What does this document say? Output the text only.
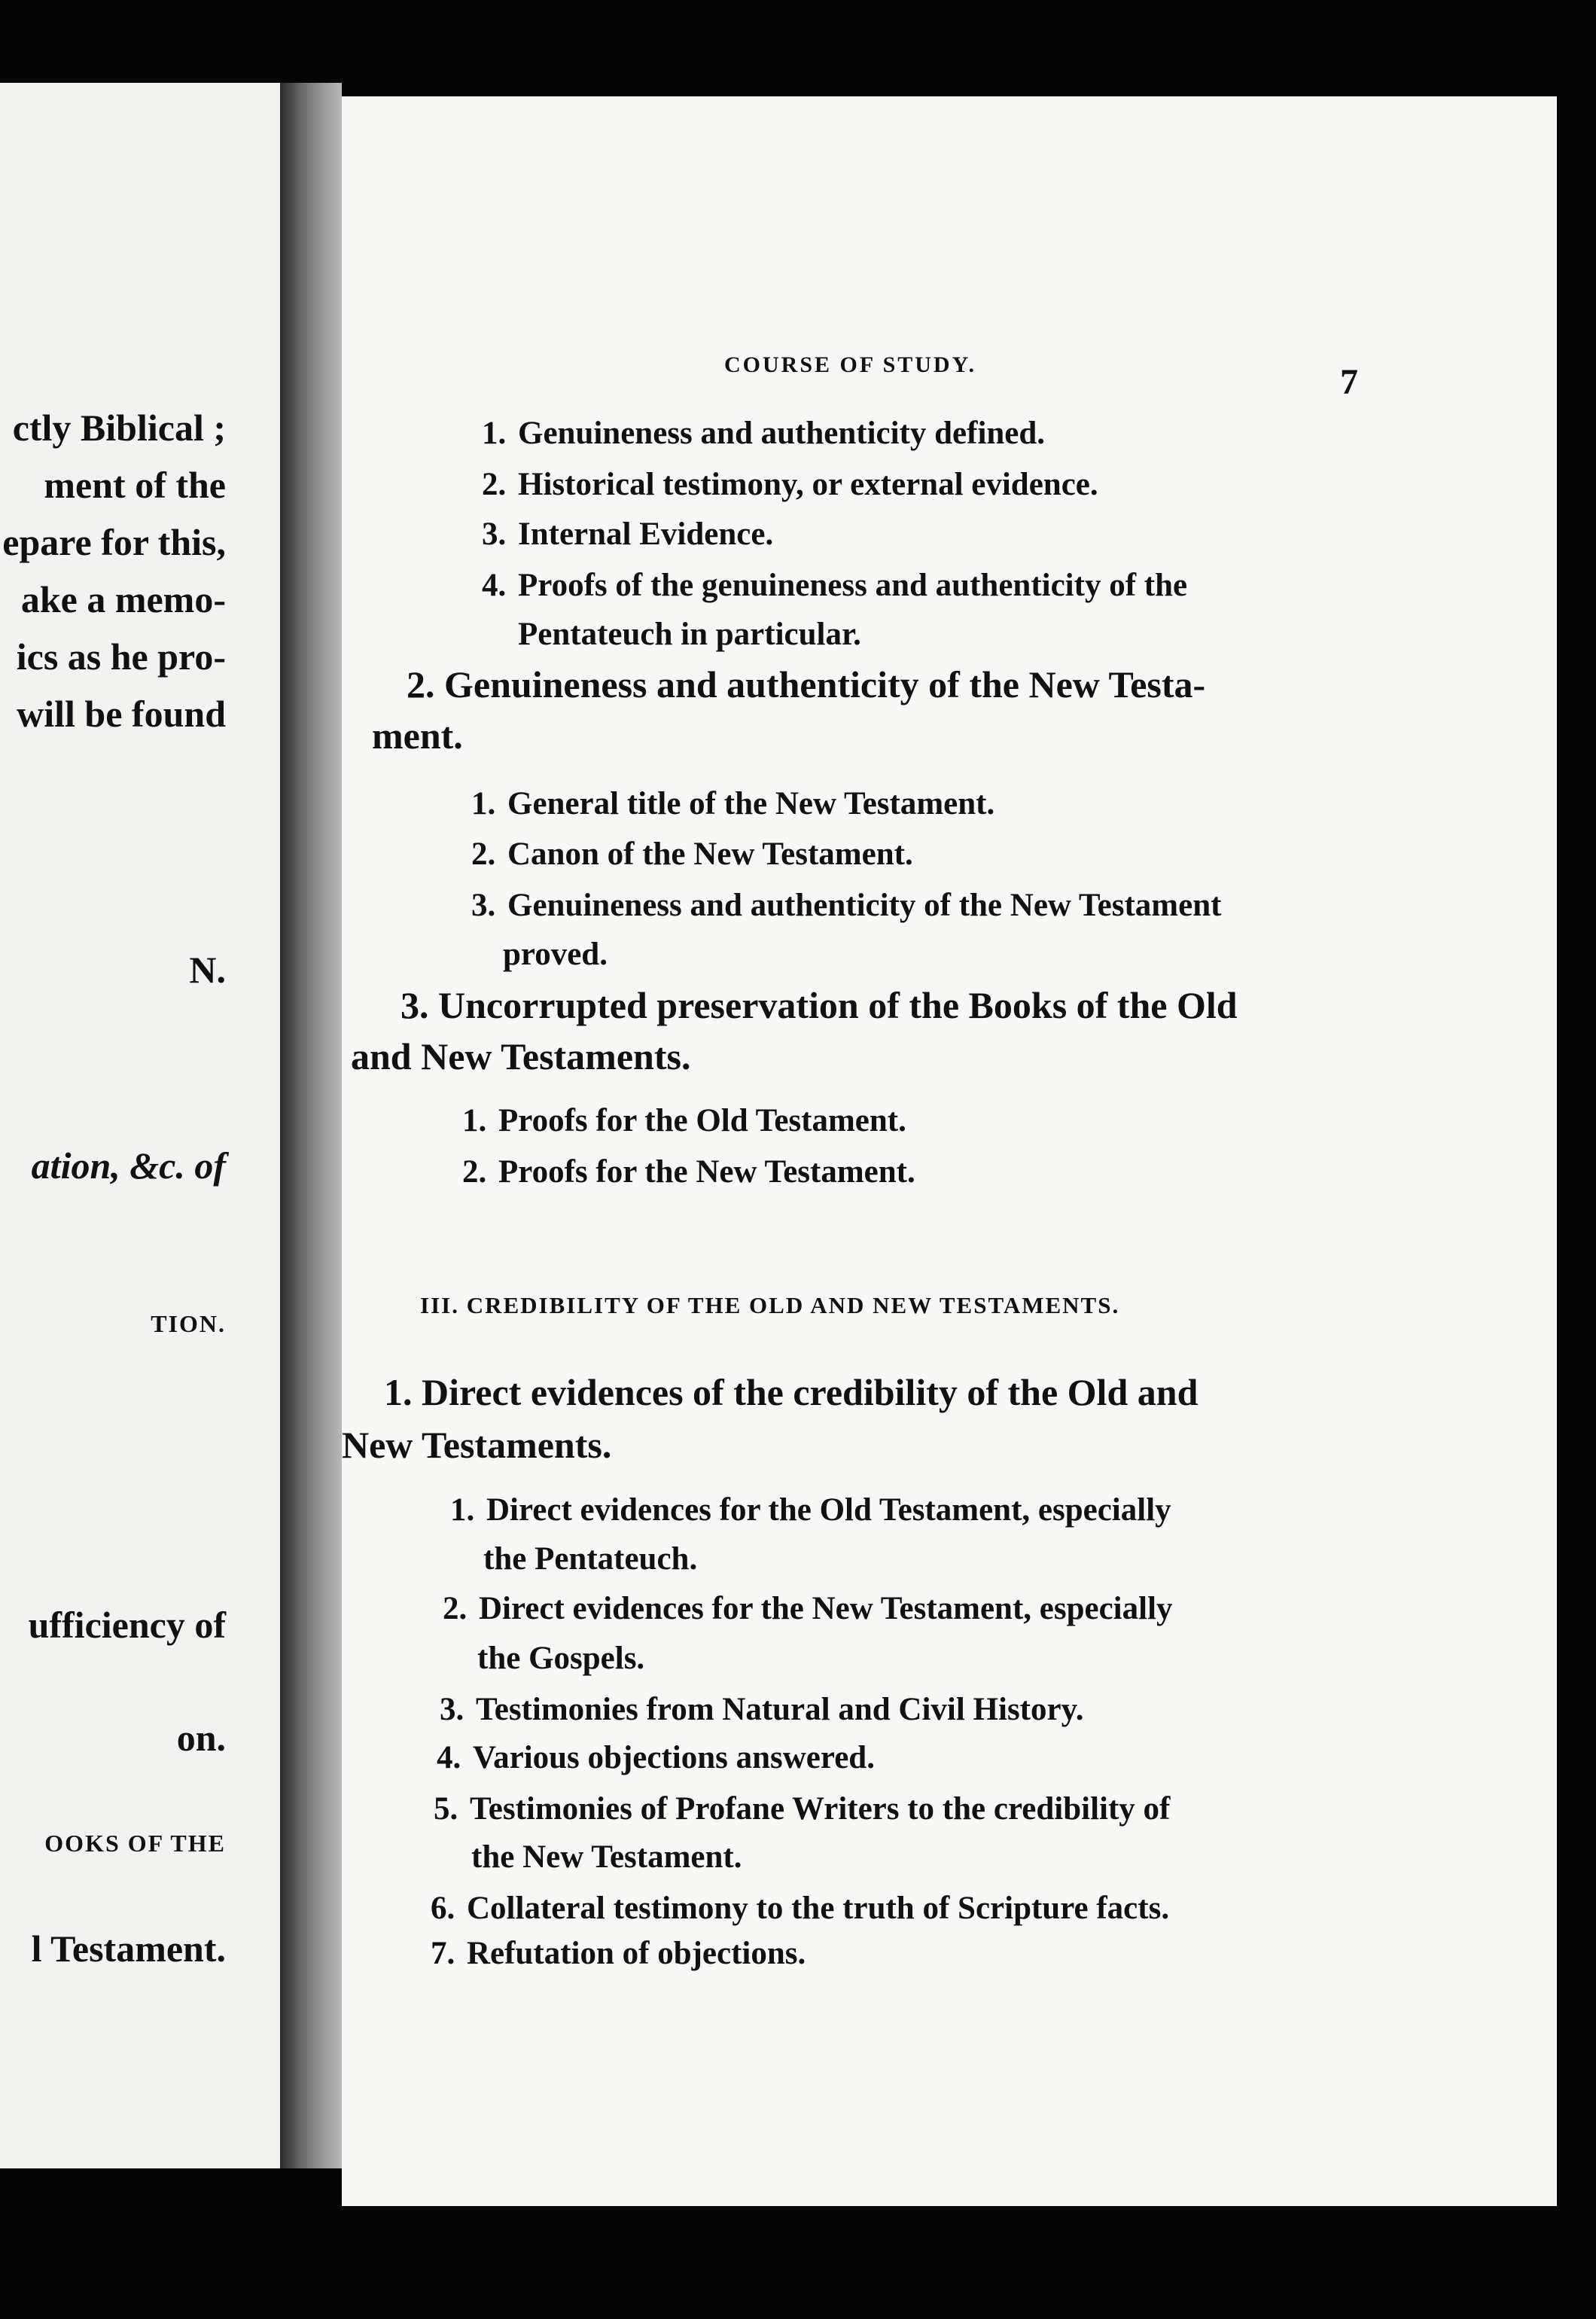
ctly Biblical ;
ment of the
epare for this,
ake a memo-
ics as he pro-
will be found
N.
ation, &c. of
TION.
ufficiency of
on.
OOKS OF THE
l Testament.
COURSE OF STUDY.	7
1. Genuineness and authenticity defined.
2. Historical testimony, or external evidence.
3. Internal Evidence.
4. Proofs of the genuineness and authenticity of the
Pentateuch in particular.
2. Genuineness and authenticity of the New Testa-
ment.
1. General title of the New Testament.
2. Canon of the New Testament.
3. Genuineness and authenticity of the New Testament
proved.
3. Uncorrupted preservation of the Books of the Old
and New Testaments.
1. Proofs for the Old Testament.
2. Proofs for the New Testament.
III. CREDIBILITY OF THE OLD AND NEW TESTAMENTS.
1. Direct evidences of the credibility of the Old and
New Testaments.
1. Direct evidences for the Old Testament, especially
the Pentateuch.
2. Direct evidences for the New Testament, especially
the Gospels.
3. Testimonies from Natural and Civil History.
4. Various objections answered.
5. Testimonies of Profane Writers to the credibility of
the New Testament.
6. Collateral testimony to the truth of Scripture facts.
7. Refutation of objections.
